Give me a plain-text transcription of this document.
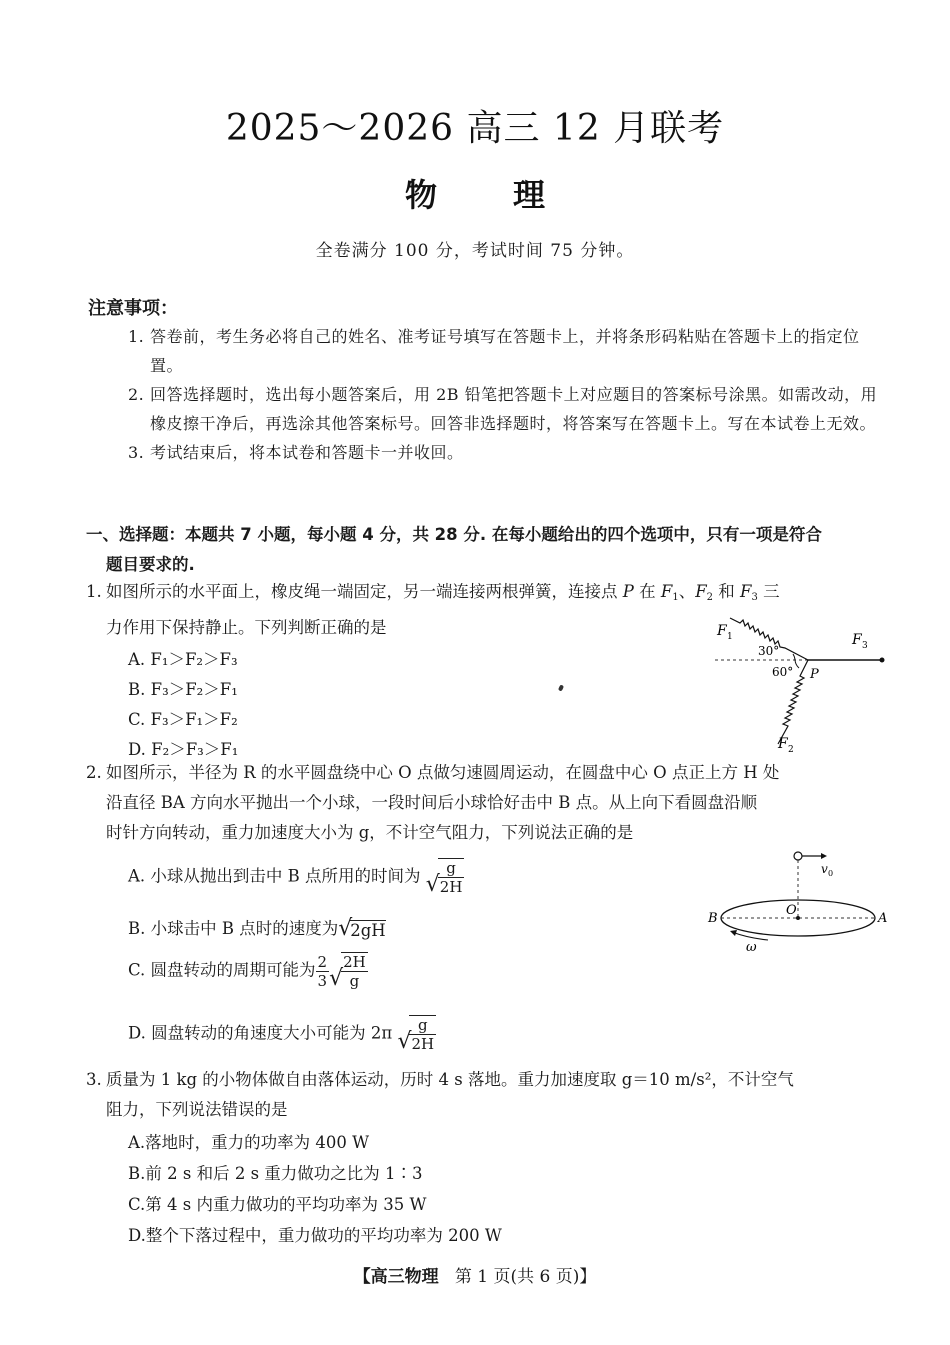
2025～2026 高三 12 月联考
物 理
全卷满分 100 分，考试时间 75 分钟。
注意事项：

1. 答卷前，考生务必将自己的姓名、准考证号填写在答题卡上，并将条形码粘贴在答题卡上的指定位置。

2. 回答选择题时，选出每小题答案后，用 2B 铅笔把答题卡上对应题目的答案标号涂黑。如需改动，用橡皮擦干净后，再选涂其他答案标号。回答非选择题时，将答案写在答题卡上。写在本试卷上无效。

3. 考试结束后，将本试卷和答题卡一并收回。

一、选择题：本题共 7 小题，每小题 4 分，共 28 分. 在每小题给出的四个选项中，只有一项是符合
题目要求的.
1. 如图所示的水平面上，橡皮绳一端固定，另一端连接两根弹簧，连接点 P 在 $F_1$、$F_2$ 和 $F_3$ 三
力作用下保持静止。下列判断正确的是
A. F₁＞F₂＞F₃
B. F₃＞F₂＞F₁
C. F₃＞F₁＞F₂
D. F₂＞F₃＞F₁
F 1
30°
60° P
F 3
F 2
2. 如图所示，半径为 R 的水平圆盘绕中心 O 点做匀速圆周运动，在圆盘中心 O 点正上方 H 处
沿直径 BA 方向水平抛出一个小球，一段时间后小球恰好击中 B 点。从上向下看圆盘沿顺
时针方向转动，重力加速度大小为 g，不计空气阻力，下列说法正确的是
A. 小球从抛出到击中 B 点所用的时间为 √
$\frac{g}{2H}$
B. 小球击中 B 点时的速度为 √
2gH
C. 圆盘转动的周期可能为 $\frac{2}{3}$ √
$\frac{2H}{g}$
D. 圆盘转动的角速度大小可能为 2π √
$\frac{g}{2H}$
v 0
O
B	A
ω
3. 质量为 1 kg 的小物体做自由落体运动，历时 4 s 落地。重力加速度取 g＝10 m/s²，不计空气
阻力，下列说法错误的是
A.落地时，重力的功率为 400 W
B.前 2 s 和后 2 s 重力做功之比为 1∶3
C.第 4 s 内重力做功的平均功率为 35 W
D.整个下落过程中，重力做功的平均功率为 200 W
【高三物理 第 1 页(共 6 页)】
